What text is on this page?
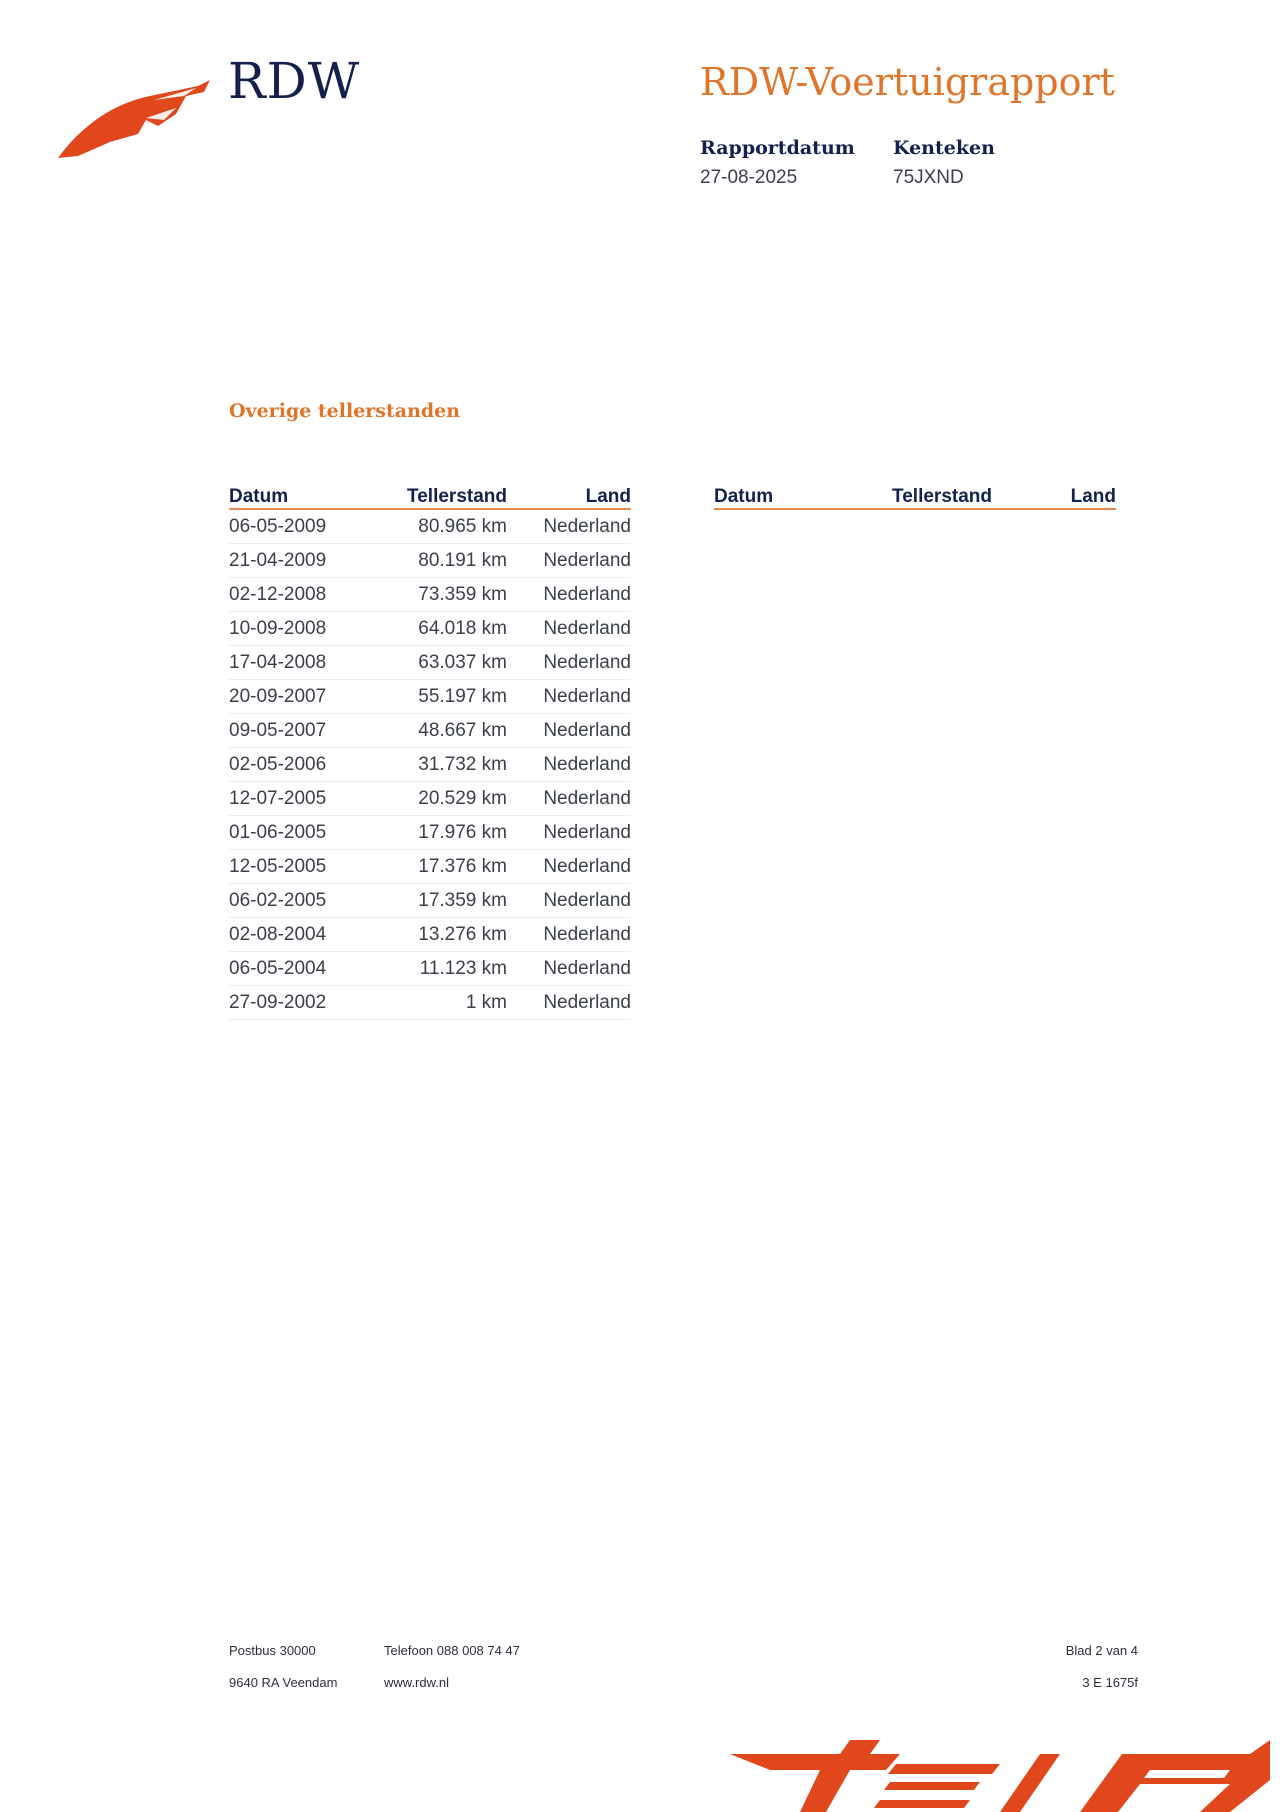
RDW	RDW-Voertuigrapport
Rapportdatum
27-08-2025
Kenteken
75JXND
Overige tellerstanden
Datum	Tellerstand	Land
06-05-2009	80.965 km	Nederland
21-04-2009	80.191 km	Nederland
02-12-2008	73.359 km	Nederland
10-09-2008	64.018 km	Nederland
17-04-2008	63.037 km	Nederland
20-09-2007	55.197 km	Nederland
09-05-2007	48.667 km	Nederland
02-05-2006	31.732 km	Nederland
12-07-2005	20.529 km	Nederland
01-06-2005	17.976 km	Nederland
12-05-2005	17.376 km	Nederland
06-02-2005	17.359 km	Nederland
02-08-2004	13.276 km	Nederland
06-05-2004	11.123 km	Nederland
27-09-2002	1 km	Nederland
Datum	Tellerstand	Land
Postbus 30000
9640 RA Veendam
Telefoon 088 008 74 47
www.rdw.nl
Blad 2 van 4
3 E 1675f
